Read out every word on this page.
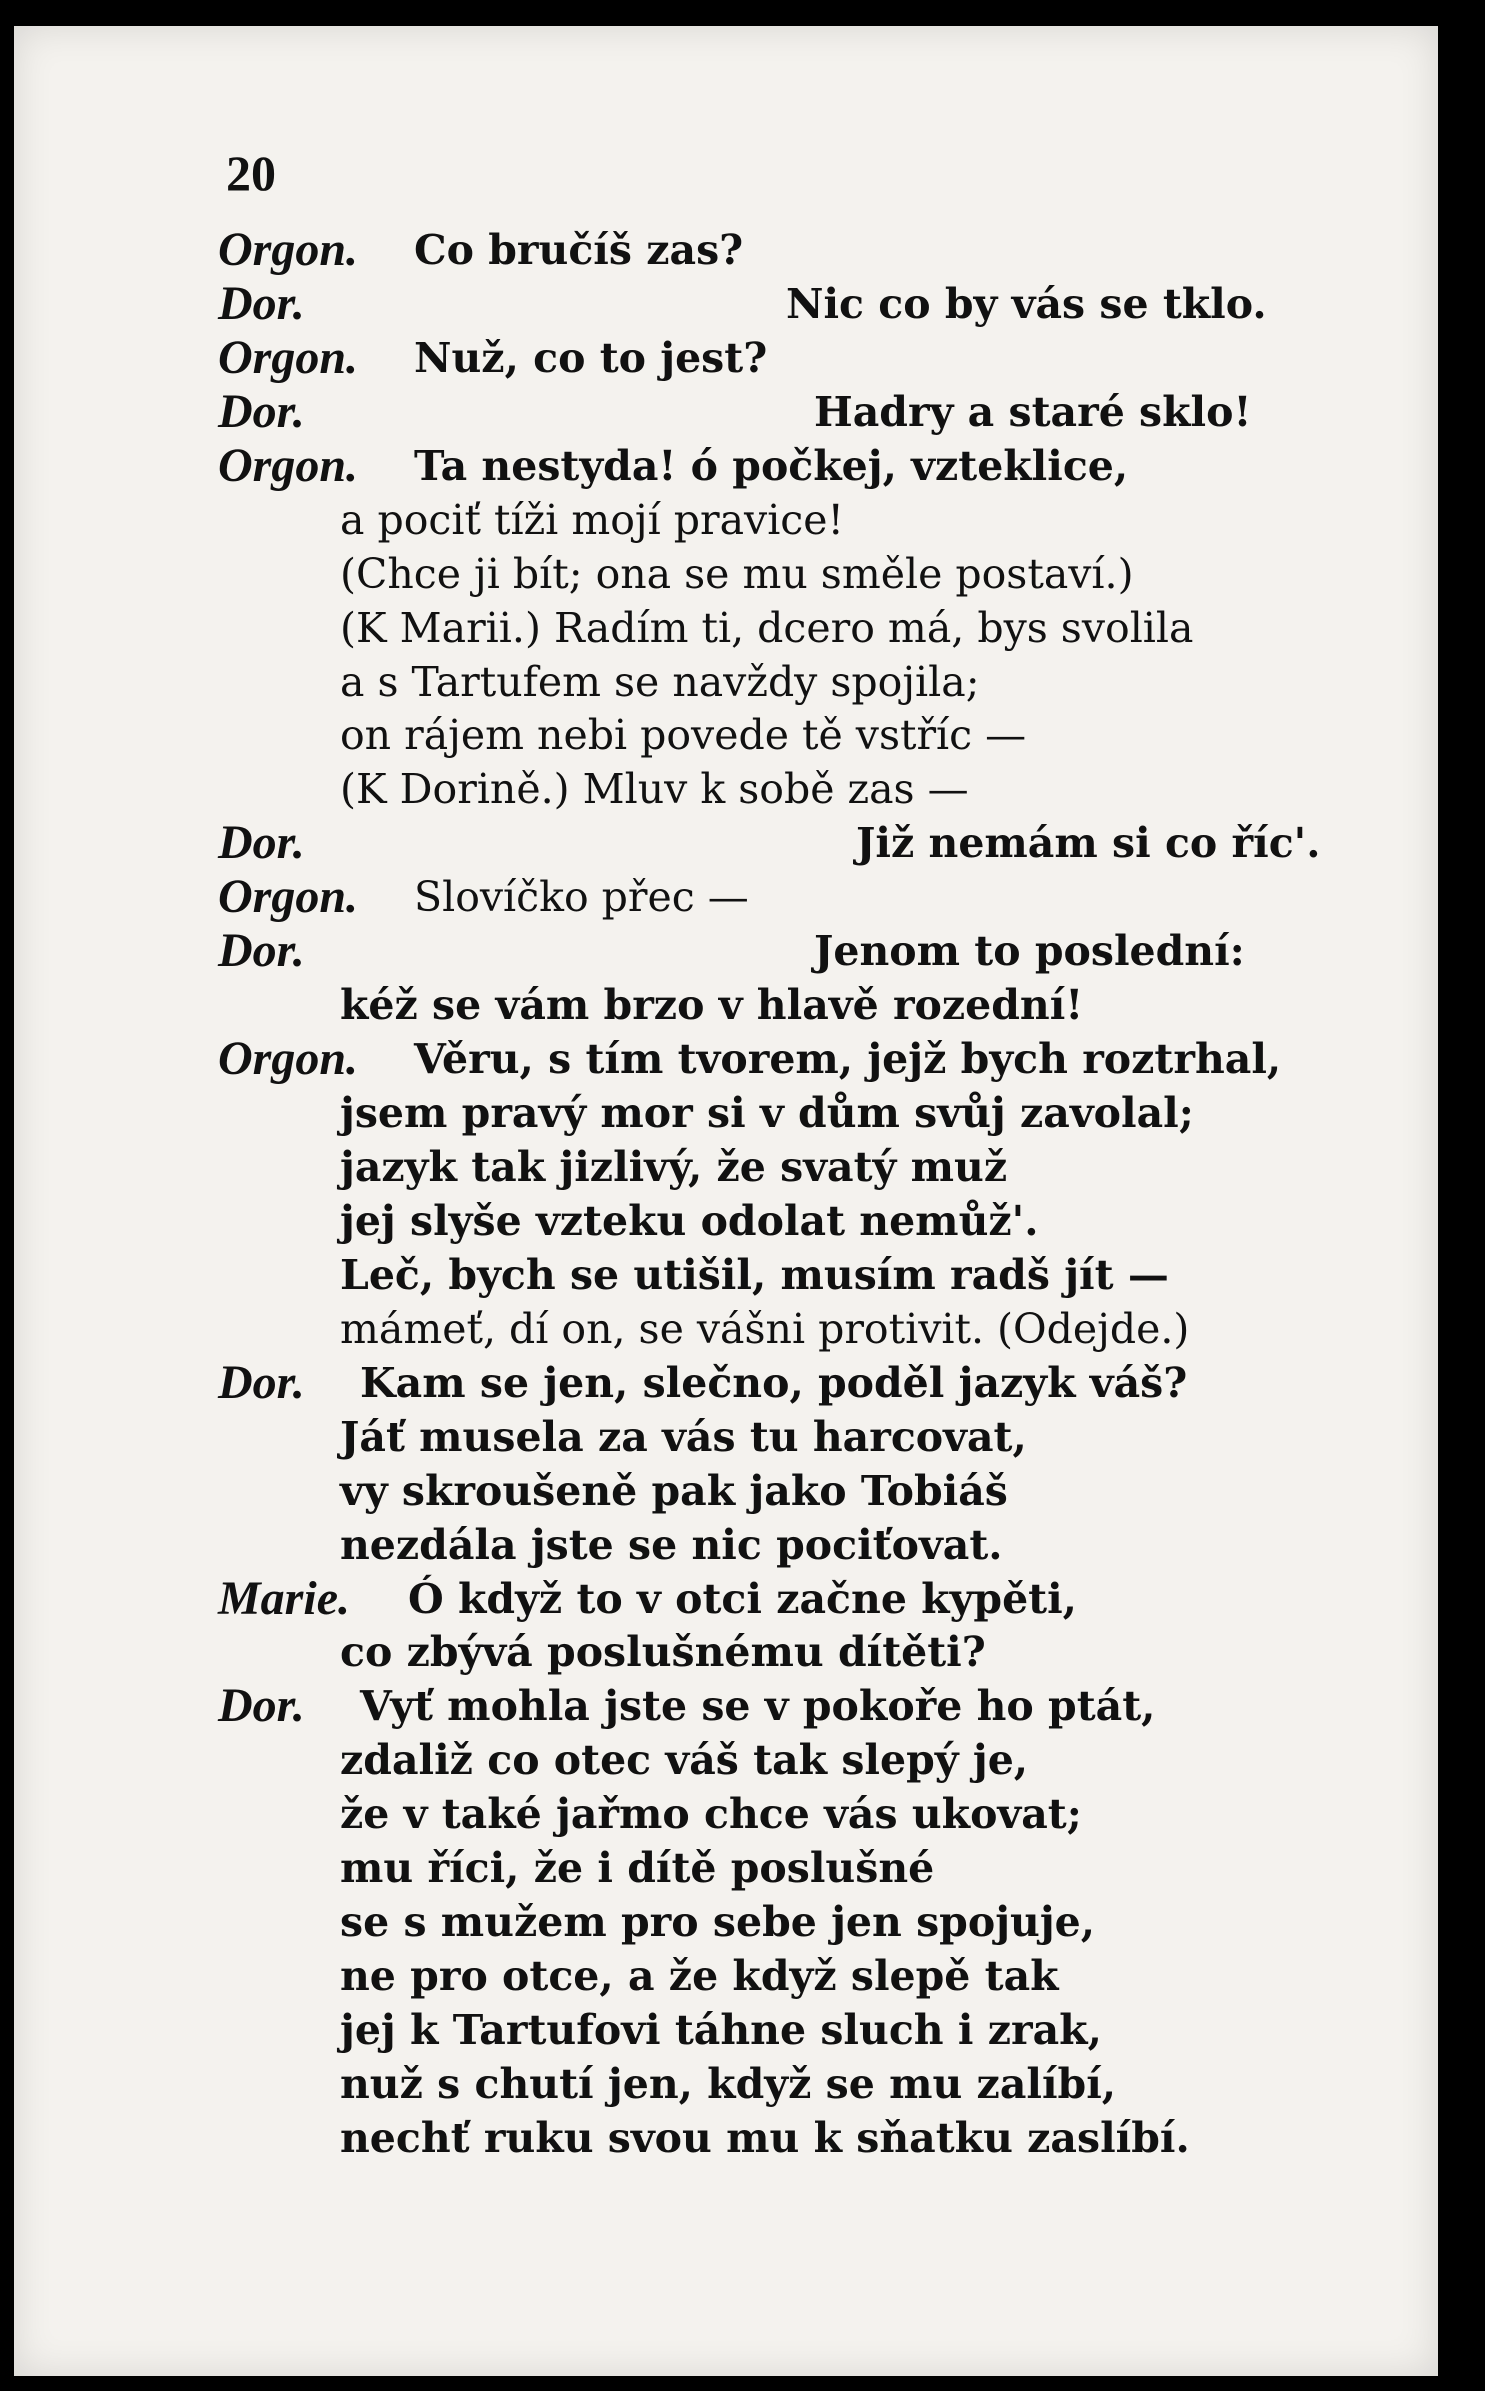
20
Orgon. Co bručíš zas?
Dor.	Nic co by vás se tklo.
Orgon. Nuž, co to jest?
Dor.	Hadry a staré sklo!
Orgon. Ta nestyda! ó počkej, vzteklice,
a pociť tíži mojí pravice!
(Chce ji bít; ona se mu směle postaví.)
(K Marii.) Radím ti, dcero má, bys svolila
a s Tartufem se navždy spojila;
on rájem nebi povede tě vstříc —
(K Dorině.) Mluv k sobě zas —
Dor.	Již nemám si co říc'.
Orgon. Slovíčko přec —
Dor.	Jenom to poslední:
kéž se vám brzo v hlavě rozední!
Orgon. Věru, s tím tvorem, jejž bych roztrhal,
jsem pravý mor si v dům svůj zavolal;
jazyk tak jizlivý, že svatý muž
jej slyše vzteku odolat nemůž'.
Leč, bych se utišil, musím radš jít —
mámeť, dí on, se vášni protivit. (Odejde.)
Dor. Kam se jen, slečno, poděl jazyk váš?
Jáť musela za vás tu harcovat,
vy skroušeně pak jako Tobiáš
nezdála jste se nic pociťovat.
Marie. Ó když to v otci začne kypěti,
co zbývá poslušnému dítěti?
Dor. Vyť mohla jste se v pokoře ho ptát,
zdaliž co otec váš tak slepý je,
že v také jařmo chce vás ukovat;
mu říci, že i dítě poslušné
se s mužem pro sebe jen spojuje,
ne pro otce, a že když slepě tak
jej k Tartufovi táhne sluch i zrak,
nuž s chutí jen, když se mu zalíbí,
nechť ruku svou mu k sňatku zaslíbí.
